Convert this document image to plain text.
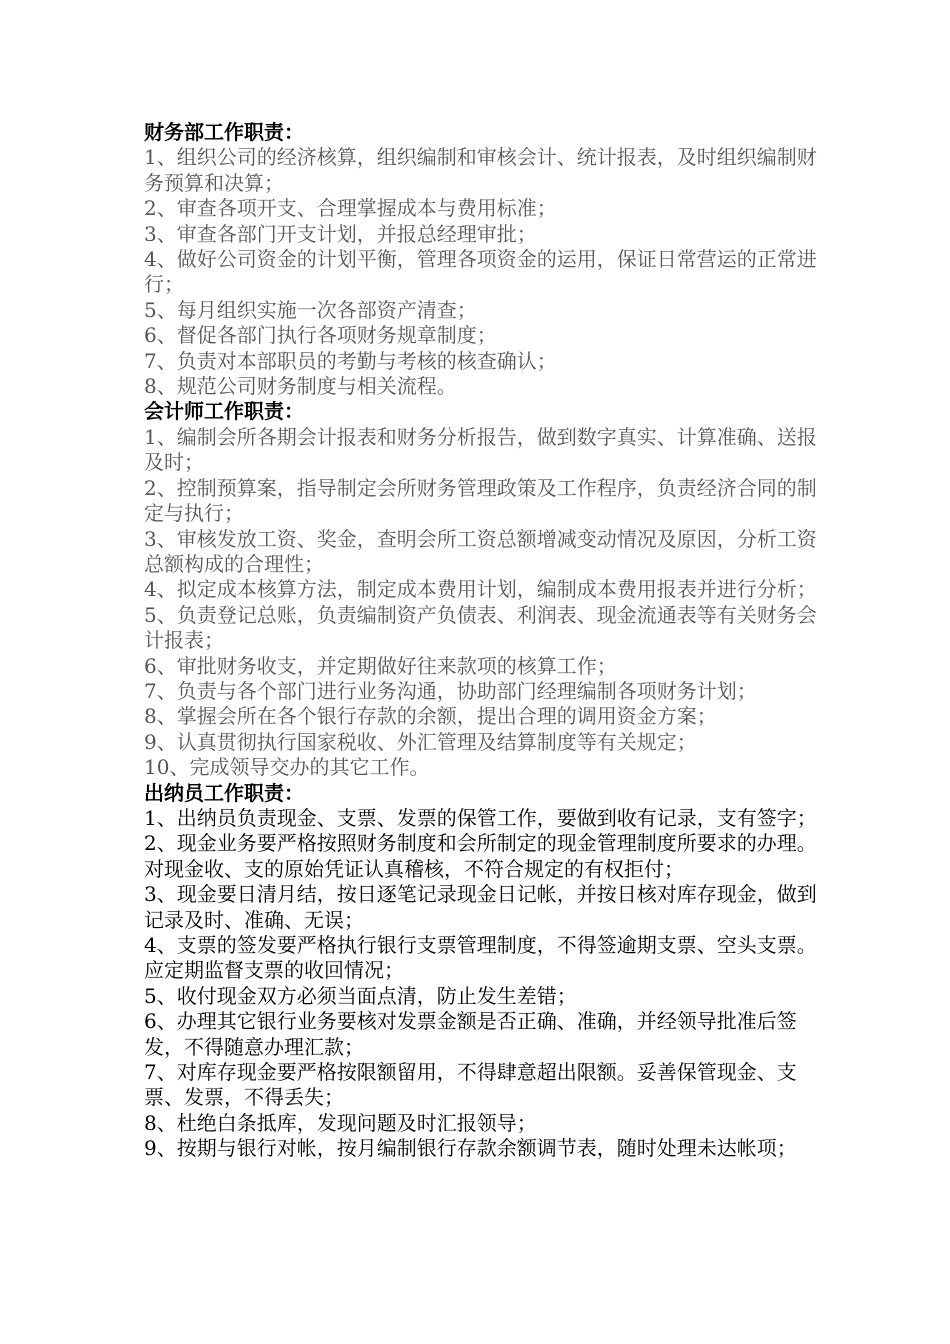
财务部工作职责：

1、组织公司的经济核算，组织编制和审核会计、统计报表，及时组织编制财务预算和决算；

2、审查各项开支、合理掌握成本与费用标准；

3、审查各部门开支计划，并报总经理审批；

4、做好公司资金的计划平衡，管理各项资金的运用，保证日常营运的正常进行；

5、每月组织实施一次各部资产清查；

6、督促各部门执行各项财务规章制度；

7、负责对本部职员的考勤与考核的核查确认；

8、规范公司财务制度与相关流程。

会计师工作职责：

1、编制会所各期会计报表和财务分析报告，做到数字真实、计算准确、送报及时；

2、控制预算案，指导制定会所财务管理政策及工作程序，负责经济合同的制定与执行；

3、审核发放工资、奖金，查明会所工资总额增减变动情况及原因，分析工资总额构成的合理性；

4、拟定成本核算方法，制定成本费用计划，编制成本费用报表并进行分析；

5、负责登记总账，负责编制资产负债表、利润表、现金流通表等有关财务会计报表；

6、审批财务收支，并定期做好往来款项的核算工作；

7、负责与各个部门进行业务沟通，协助部门经理编制各项财务计划；

8、掌握会所在各个银行存款的余额，提出合理的调用资金方案；

9、认真贯彻执行国家税收、外汇管理及结算制度等有关规定；

10、完成领导交办的其它工作。

出纳员工作职责：

1、出纳员负责现金、支票、发票的保管工作，要做到收有记录，支有签字；

2、现金业务要严格按照财务制度和会所制定的现金管理制度所要求的办理。对现金收、支的原始凭证认真稽核，不符合规定的有权拒付；

3、现金要日清月结，按日逐笔记录现金日记帐，并按日核对库存现金，做到记录及时、准确、无误；

4、支票的签发要严格执行银行支票管理制度，不得签逾期支票、空头支票。应定期监督支票的收回情况；

5、收付现金双方必须当面点清，防止发生差错；

6、办理其它银行业务要核对发票金额是否正确、准确，并经领导批准后签发，不得随意办理汇款；

7、对库存现金要严格按限额留用，不得肆意超出限额。妥善保管现金、支票、发票，不得丢失；

8、杜绝白条抵库，发现问题及时汇报领导；

9、按期与银行对帐，按月编制银行存款余额调节表，随时处理未达帐项；
